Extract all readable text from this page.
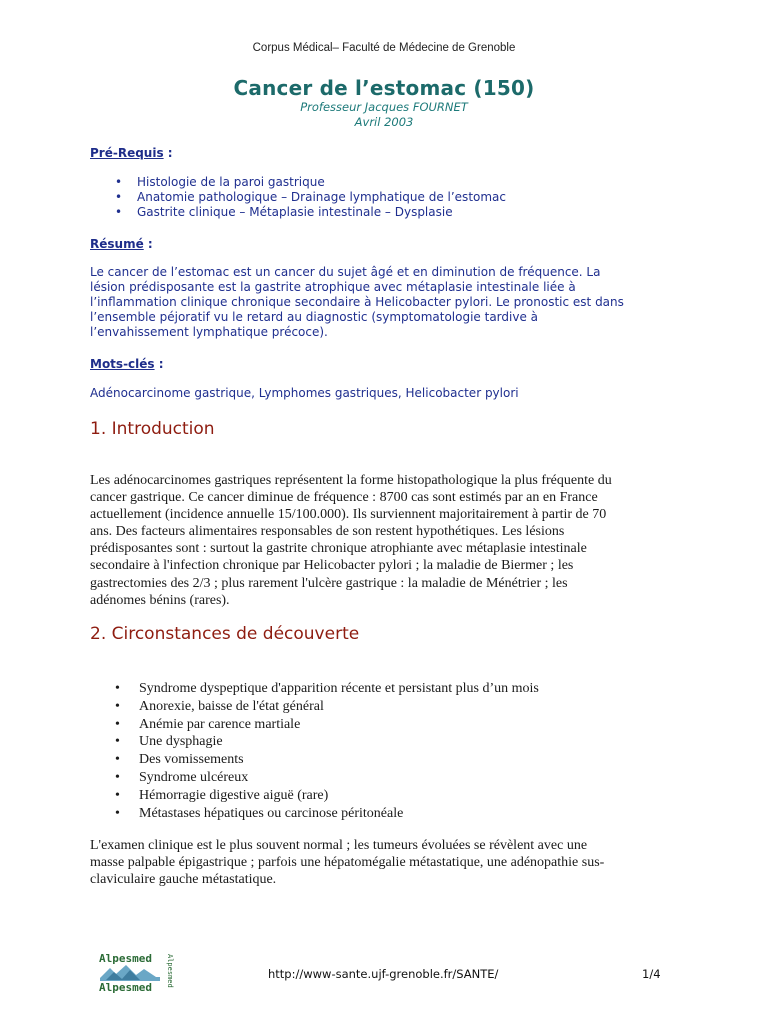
Corpus Médical– Faculté de Médecine de Grenoble
Cancer de l’estomac (150)
Professeur Jacques FOURNET
Avril 2003
Pré-Requis :
• Histologie de la paroi gastrique
• Anatomie pathologique – Drainage lymphatique de l’estomac
• Gastrite clinique – Métaplasie intestinale – Dysplasie
Résumé :
Le cancer de l’estomac est un cancer du sujet âgé et en diminution de fréquence. La
lésion prédisposante est la gastrite atrophique avec métaplasie intestinale liée à
l’inflammation clinique chronique secondaire à Helicobacter pylori. Le pronostic est dans
l’ensemble péjoratif vu le retard au diagnostic (symptomatologie tardive à
l’envahissement lymphatique précoce).
Mots-clés :
Adénocarcinome gastrique, Lymphomes gastriques, Helicobacter pylori
1. Introduction
Les adénocarcinomes gastriques représentent la forme histopathologique la plus fréquente du
cancer gastrique. Ce cancer diminue de fréquence : 8700 cas sont estimés par an en France
actuellement (incidence annuelle 15/100.000). Ils surviennent majoritairement à partir de 70
ans. Des facteurs alimentaires responsables de son restent hypothétiques. Les lésions
prédisposantes sont : surtout la gastrite chronique atrophiante avec métaplasie intestinale
secondaire à l'infection chronique par Helicobacter pylori ; la maladie de Biermer ; les
gastrectomies des 2/3 ; plus rarement l'ulcère gastrique : la maladie de Ménétrier ; les
adénomes bénins (rares).
2. Circonstances de découverte
• Syndrome dyspeptique d'apparition récente et persistant plus d’un mois
• Anorexie, baisse de l'état général
• Anémie par carence martiale
• Une dysphagie
• Des vomissements
• Syndrome ulcéreux
• Hémorragie digestive aiguë (rare)
• Métastases hépatiques ou carcinose péritonéale
L'examen clinique est le plus souvent normal ; les tumeurs évoluées se révèlent avec une
masse palpable épigastrique ; parfois une hépatomégalie métastatique, une adénopathie sus-
claviculaire gauche métastatique.
Alpesmed
Alpesmed Alpesmed	http://www-sante.ujf-grenoble.fr/SANTE/	1/4
